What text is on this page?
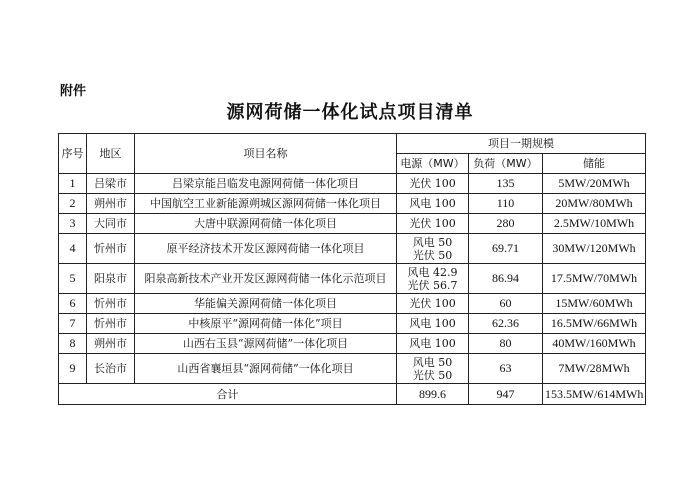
附件
源网荷储一体化试点项目清单
序号	地区	项目名称	项目一期规模		
			电源（MW）	负荷（MW）	储能
1	吕梁市	吕梁京能吕临发电源网荷储一体化项目	光伏 100	135	5MW/20MWh
2	朔州市	中国航空工业新能源朔城区源网荷储一体化项目	风电 100	110	20MW/80MWh
3	大同市	大唐中联源网荷储一体化项目	光伏 100	280	2.5MW/10MWh
4	忻州市	原平经济技术开发区源网荷储一体化项目	风电 50
光伏 50	69.71	30MW/120MWh
5	阳泉市	阳泉高新技术产业开发区源网荷储一体化示范项目	风电 42.9
光伏 56.7	86.94	17.5MW/70MWh
6	忻州市	华能偏关源网荷储一体化项目	光伏 100	60	15MW/60MWh
7	忻州市	中核原平“源网荷储一体化”项目	风电 100	62.36	16.5MW/66MWh
8	朔州市	山西右玉县“源网荷储”一体化项目	风电 100	80	40MW/160MWh
9	长治市	山西省襄垣县“源网荷储”一体化项目	风电 50
光伏 50	63	7MW/28MWh
合计			899.6	947	153.5MW/614MWh
